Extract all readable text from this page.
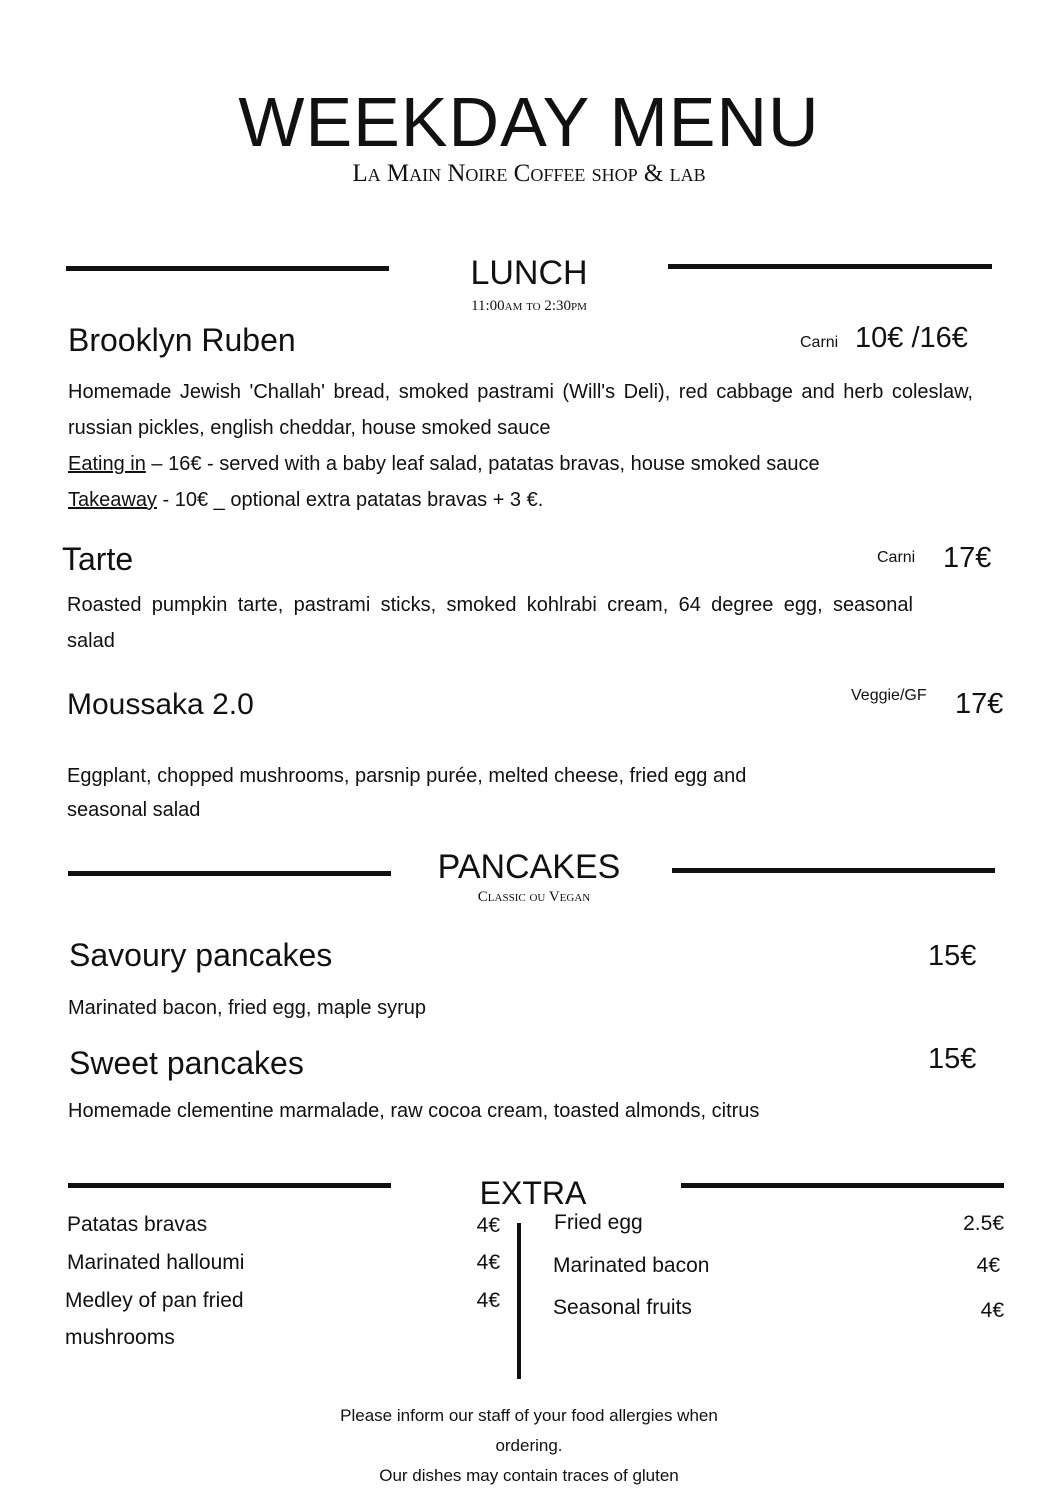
WEEKDAY MENU
La Main Noire Coffee shop & lab
LUNCH
11:00am to 2:30pm
Brooklyn Ruben	Carni 10€ /16€
Homemade Jewish 'Challah' bread, smoked pastrami (Will's Deli), red cabbage and herb coleslaw, russian pickles, english cheddar, house smoked sauce
Eating in – 16€ - served with a baby leaf salad, patatas bravas, house smoked sauce
Takeaway - 10€ _ optional extra patatas bravas + 3 €.
Tarte	Carni 17€
Roasted pumpkin tarte, pastrami sticks, smoked kohlrabi cream, 64 degree egg, seasonal salad
Moussaka 2.0	Veggie/GF 17€
Eggplant, chopped mushrooms, parsnip purée, melted cheese, fried egg and
seasonal salad
PANCAKES
Classic ou Vegan
Savoury pancakes	15€
Marinated bacon, fried egg, maple syrup
Sweet pancakes	15€
Homemade clementine marmalade, raw cocoa cream, toasted almonds, citrus
EXTRA
Patatas bravas	4€
Marinated halloumi	4€
Medley of pan fried
mushrooms
4€
Fried egg	2.5€
Marinated bacon	4€
Seasonal fruits	4€
Please inform our staff of your food allergies when
ordering.
Our dishes may contain traces of gluten
